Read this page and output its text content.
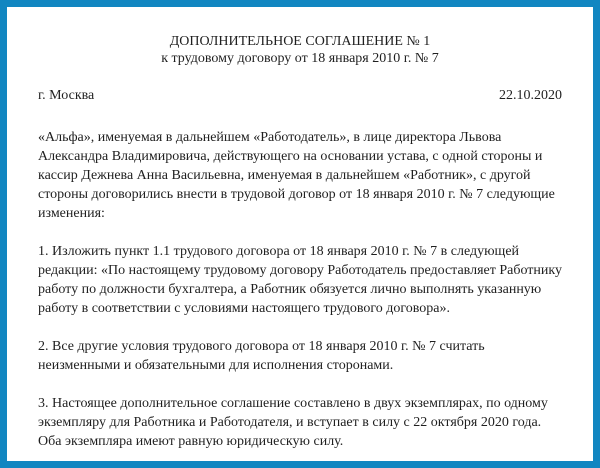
ДОПОЛНИТЕЛЬНОЕ СОГЛАШЕНИЕ № 1
к трудовому договору от 18 января 2010 г. № 7
г. Москва	22.10.2020

«Альфа», именуемая в дальнейшем «Работодатель», в лице директора Львова Александра Владимировича, действующего на основании устава, с одной стороны и кассир Дежнева Анна Васильевна, именуемая в дальнейшем «Работник», с другой стороны договорились внести в трудовой договор от 18 января 2010 г. № 7 следующие изменения:

1. Изложить пункт 1.1 трудового договора от 18 января 2010 г. № 7 в следующей редакции: «По настоящему трудовому договору Работодатель предоставляет Работнику работу по должности бухгалтера, а Работник обязуется лично выполнять указанную работу в соответствии с условиями настоящего трудового договора».

2. Все другие условия трудового договора от 18 января 2010 г. № 7 считать неизменными и обязательными для исполнения сторонами.

3. Настоящее дополнительное соглашение составлено в двух экземплярах, по одному экземпляру для Работника и Работодателя, и вступает в силу с 22 октября 2020 года. Оба экземпляра имеют равную юридическую силу.
